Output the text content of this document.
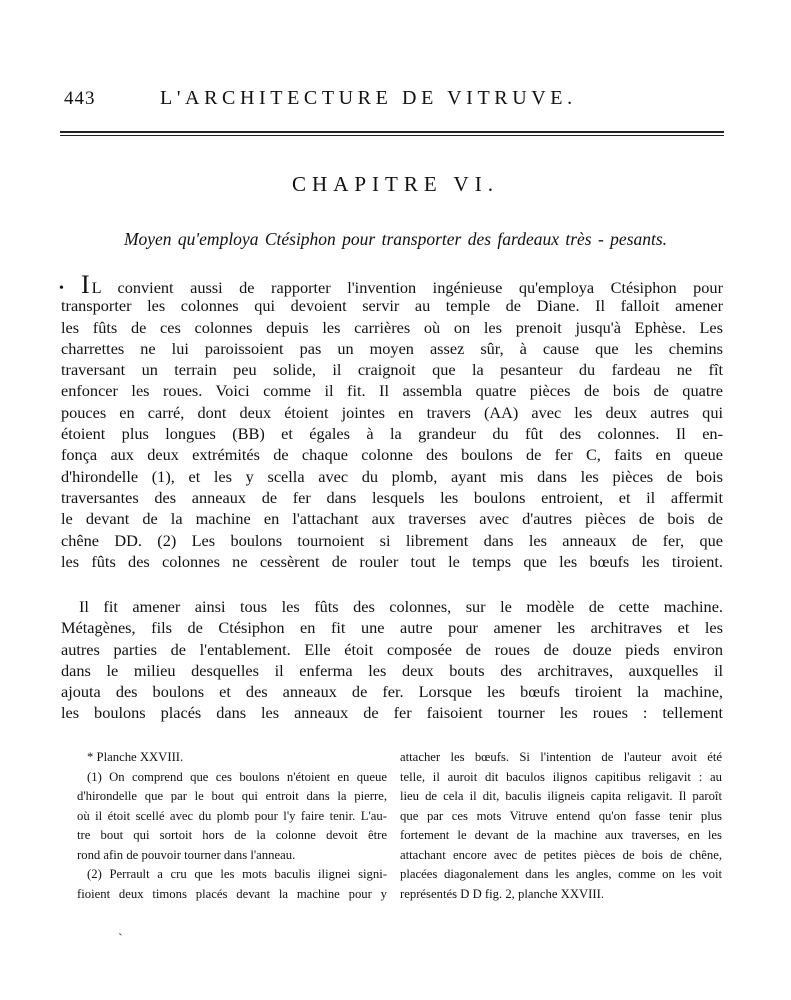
443	L'ARCHITECTURE DE VITRUVE.
CHAPITRE VI.
Moyen qu'employa Ctésiphon pour transporter des fardeaux très - pesants.
• I L convient aussi de rapporter l'invention ingénieuse qu'employa Ctésiphon pour
transporter les colonnes qui devoient servir au temple de Diane. Il falloit amener
les fûts de ces colonnes depuis les carrières où on les prenoit jusqu'à Ephèse. Les
charrettes ne lui paroissoient pas un moyen assez sûr, à cause que les chemins
traversant un terrain peu solide, il craignoit que la pesanteur du fardeau ne fît
enfoncer les roues. Voici comme il fit. Il assembla quatre pièces de bois de quatre
pouces en carré, dont deux étoient jointes en travers (AA) avec les deux autres qui
étoient plus longues (BB) et égales à la grandeur du fût des colonnes. Il en-
fonça aux deux extrémités de chaque colonne des boulons de fer C, faits en queue
d'hirondelle (1), et les y scella avec du plomb, ayant mis dans les pièces de bois
traversantes des anneaux de fer dans lesquels les boulons entroient, et il affermit
le devant de la machine en l'attachant aux traverses avec d'autres pièces de bois de
chêne DD. (2) Les boulons tournoient si librement dans les anneaux de fer, que
les fûts des colonnes ne cessèrent de rouler tout le temps que les bœufs les tiroient.
Il fit amener ainsi tous les fûts des colonnes, sur le modèle de cette machine.
Métagènes, fils de Ctésiphon en fit une autre pour amener les architraves et les
autres parties de l'entablement. Elle étoit composée de roues de douze pieds environ
dans le milieu desquelles il enferma les deux bouts des architraves, auxquelles il
ajouta des boulons et des anneaux de fer. Lorsque les bœufs tiroient la machine,
les boulons placés dans les anneaux de fer faisoient tourner les roues : tellement
* Planche XXVIII.
(1) On comprend que ces boulons n'étoient en queue
d'hirondelle que par le bout qui entroit dans la pierre,
où il étoit scellé avec du plomb pour l'y faire tenir. L'au-
tre bout qui sortoit hors de la colonne devoit être
rond afin de pouvoir tourner dans l'anneau.
(2) Perrault a cru que les mots baculis ilignei signi-
fioient deux timons placés devant la machine pour y
attacher les bœufs. Si l'intention de l'auteur avoit été
telle, il auroit dit baculos ilignos capitibus religavit : au
lieu de cela il dit, baculis iligneis capita religavit. Il paroît
que par ces mots Vitruve entend qu'on fasse tenir plus
fortement le devant de la machine aux traverses, en les
attachant encore avec de petites pièces de bois de chêne,
placées diagonalement dans les angles, comme on les voit
représentés D D fig. 2, planche XXVIII.
`
